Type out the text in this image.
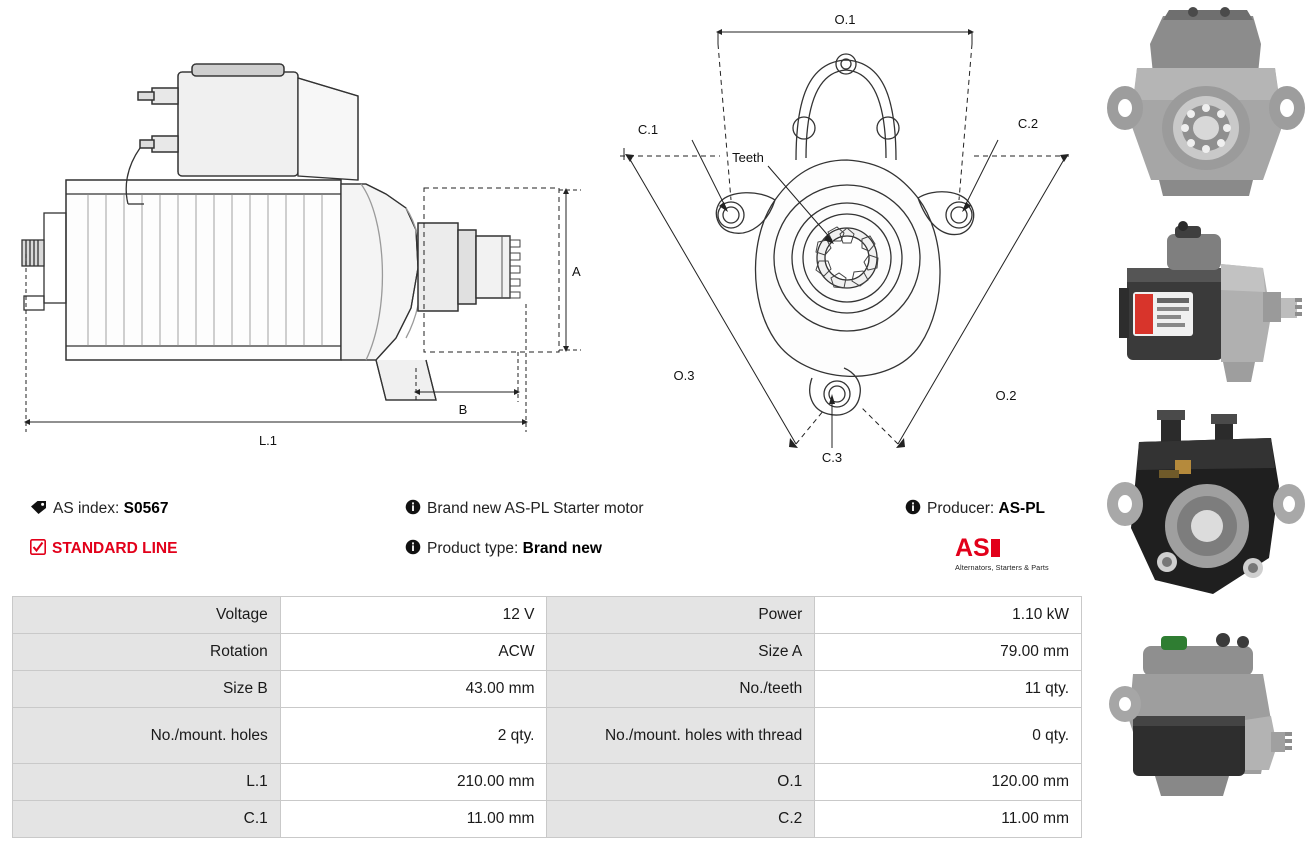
A
B
L.1
O.1
O.2
O.3
C.1	C.2
C.3
Teeth
AS index: S0567
STANDARD LINE
Brand new AS-PL Starter motor
Product type: Brand new
Producer: AS-PL
AS
Alternators, Starters & Parts
Voltage	12 V	Power	1.10 kW
Rotation	ACW	Size A	79.00 mm
Size B	43.00 mm	No./teeth	11 qty.
No./mount. holes	2 qty.	No./mount. holes with thread	0 qty.
L.1	210.00 mm	O.1	120.00 mm
C.1	11.00 mm	C.2	11.00 mm
